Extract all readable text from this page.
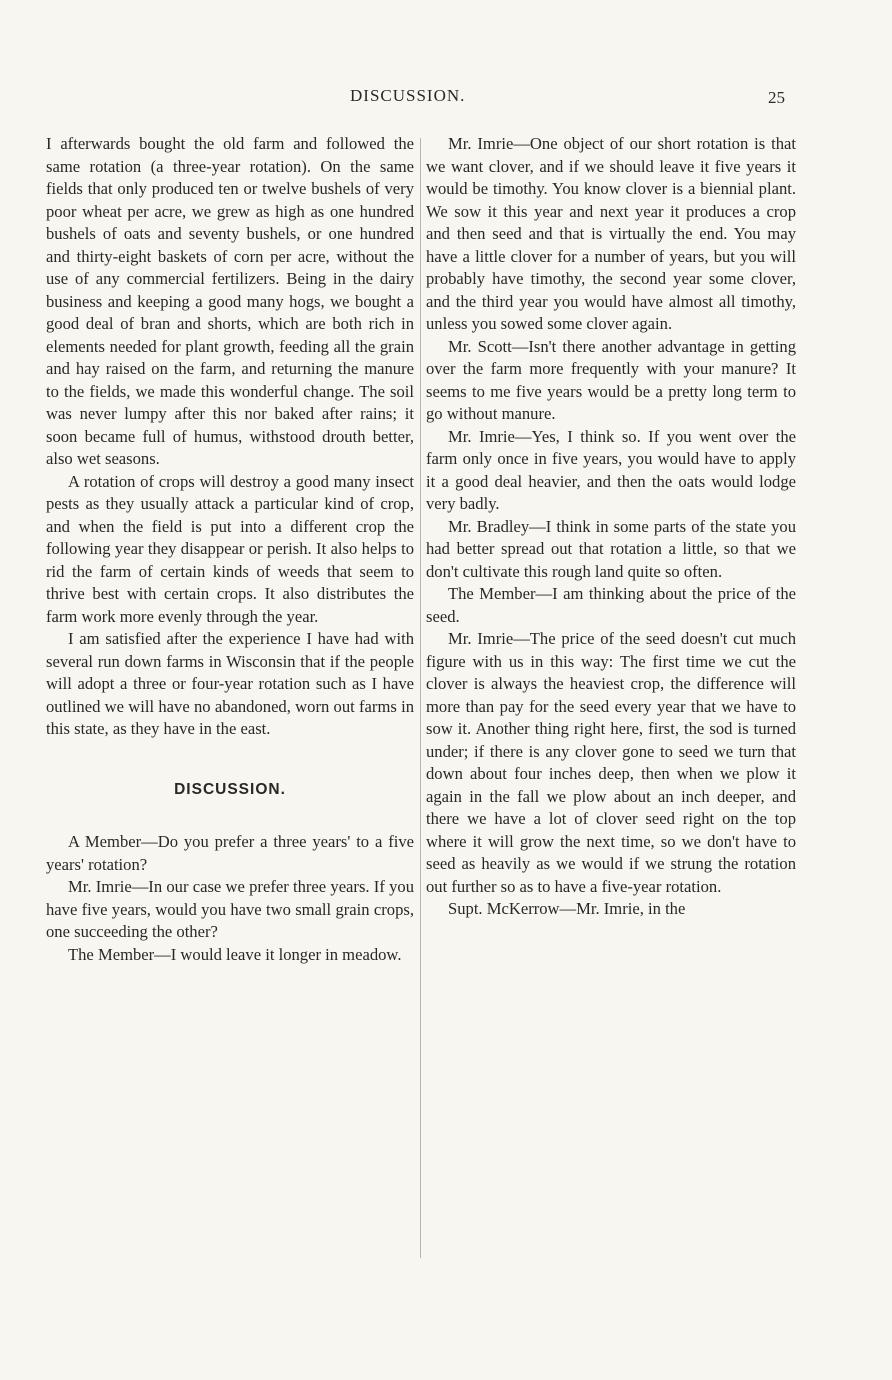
DISCUSSION.	25

I afterwards bought the old farm and followed the same rotation (a three-year rotation). On the same fields that only produced ten or twelve bushels of very poor wheat per acre, we grew as high as one hundred bushels of oats and seventy bushels, or one hundred and thirty-eight baskets of corn per acre, without the use of any commercial fertilizers. Being in the dairy business and keeping a good many hogs, we bought a good deal of bran and shorts, which are both rich in elements needed for plant growth, feeding all the grain and hay raised on the farm, and returning the manure to the fields, we made this wonderful change. The soil was never lumpy after this nor baked after rains; it soon became full of humus, withstood drouth better, also wet seasons.

A rotation of crops will destroy a good many insect pests as they usually attack a particular kind of crop, and when the field is put into a different crop the following year they disappear or perish. It also helps to rid the farm of certain kinds of weeds that seem to thrive best with certain crops. It also distributes the farm work more evenly through the year.

I am satisfied after the experience I have had with several run down farms in Wisconsin that if the people will adopt a three or four-year rotation such as I have outlined we will have no abandoned, worn out farms in this state, as they have in the east.

DISCUSSION.

A Member—Do you prefer a three years' to a five years' rotation?

Mr. Imrie—In our case we prefer three years. If you have five years, would you have two small grain crops, one succeeding the other?

The Member—I would leave it longer in meadow.

Mr. Imrie—One object of our short rotation is that we want clover, and if we should leave it five years it would be timothy. You know clover is a biennial plant. We sow it this year and next year it produces a crop and then seed and that is virtually the end. You may have a little clover for a number of years, but you will probably have timothy, the second year some clover, and the third year you would have almost all timothy, unless you sowed some clover again.

Mr. Scott—Isn't there another advantage in getting over the farm more frequently with your manure? It seems to me five years would be a pretty long term to go without manure.

Mr. Imrie—Yes, I think so. If you went over the farm only once in five years, you would have to apply it a good deal heavier, and then the oats would lodge very badly.

Mr. Bradley—I think in some parts of the state you had better spread out that rotation a little, so that we don't cultivate this rough land quite so often.

The Member—I am thinking about the price of the seed.

Mr. Imrie—The price of the seed doesn't cut much figure with us in this way: The first time we cut the clover is always the heaviest crop, the difference will more than pay for the seed every year that we have to sow it. Another thing right here, first, the sod is turned under; if there is any clover gone to seed we turn that down about four inches deep, then when we plow it again in the fall we plow about an inch deeper, and there we have a lot of clover seed right on the top where it will grow the next time, so we don't have to seed as heavily as we would if we strung the rotation out further so as to have a five-year rotation.

Supt. McKerrow—Mr. Imrie, in the
